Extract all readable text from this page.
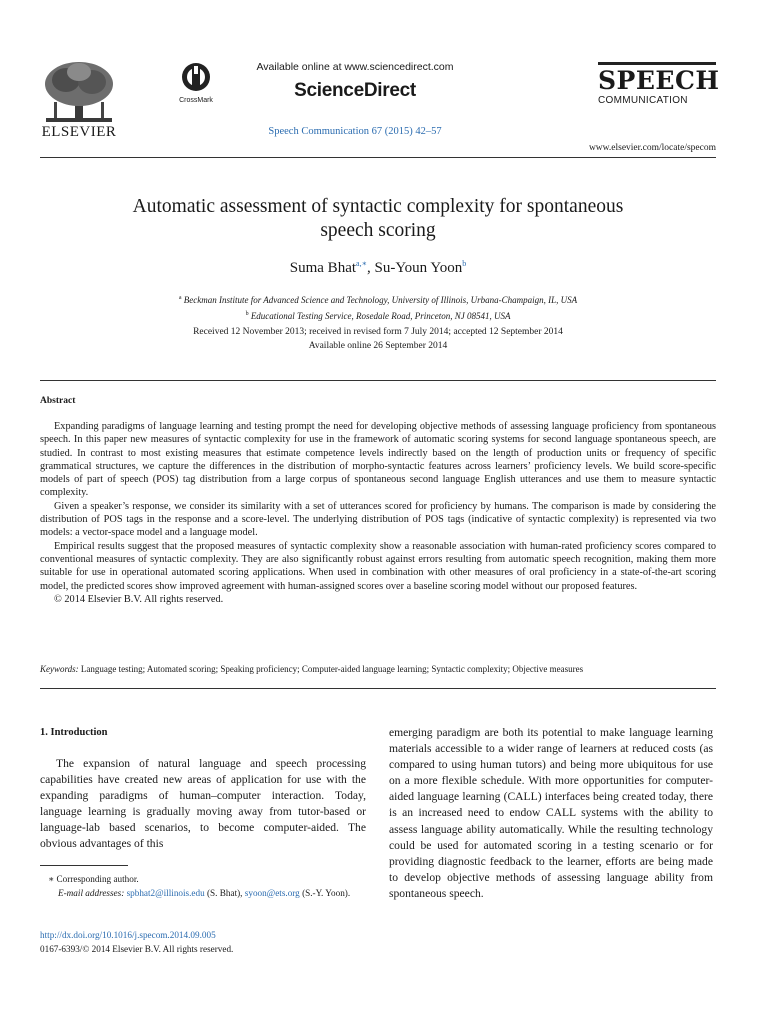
ELSEVIER
CrossMark
Available online at www.sciencedirect.com
ScienceDirect
Speech Communication 67 (2015) 42–57
SPEECH
COMMUNICATION
www.elsevier.com/locate/specom
Automatic assessment of syntactic complexity for spontaneous
speech scoring
Suma Bhat$^{a,∗}$, Su-Youn Yoon$^b$
$^a$ Beckman Institute for Advanced Science and Technology, University of Illinois, Urbana-Champaign, IL, USA
$^b$ Educational Testing Service, Rosedale Road, Princeton, NJ 08541, USA
Received 12 November 2013; received in revised form 7 July 2014; accepted 12 September 2014
Available online 26 September 2014
Abstract

Expanding paradigms of language learning and testing prompt the need for developing objective methods of assessing language proficiency from spontaneous speech. In this paper new measures of syntactic complexity for use in the framework of automatic scoring systems for second language spontaneous speech, are studied. In contrast to most existing measures that estimate competence levels indirectly based on the length of production units or frequency of specific grammatical structures, we capture the differences in the distribution of morpho-syntactic features across learners’ proficiency levels. We build score-specific models of part of speech (POS) tag distribution from a large corpus of spontaneous second language English utterances and use them to measure syntactic complexity.

Given a speaker’s response, we consider its similarity with a set of utterances scored for proficiency by humans. The comparison is made by considering the distribution of POS tags in the response and a score-level. The underlying distribution of POS tags (indicative of syntactic complexity) is represented via two models: a vector-space model and a language model.

Empirical results suggest that the proposed measures of syntactic complexity show a reasonable association with human-rated proficiency scores compared to conventional measures of syntactic complexity. They are also significantly robust against errors resulting from automatic speech recognition, making them more suitable for use in operational automated scoring applications. When used in combination with other measures of oral proficiency in a state-of-the-art scoring model, the predicted scores show improved agreement with human-assigned scores over a baseline scoring model without our proposed features.

© 2014 Elsevier B.V. All rights reserved.

Keywords: Language testing; Automated scoring; Speaking proficiency; Computer-aided language learning; Syntactic complexity; Objective measures
1. Introduction

The expansion of natural language and speech processing capabilities have created new areas of application for use with the expanding paradigms of human–computer interaction. Today, language learning is gradually moving away from tutor-based or language-lab based scenarios, to become computer-aided. The obvious advantages of this

emerging paradigm are both its potential to make language learning materials accessible to a wider range of learners at reduced costs (as compared to using human tutors) and being more ubiquitous for use on a more flexible schedule. With more opportunities for computer-aided language learning (CALL) interfaces being created today, there is an increased need to endow CALL systems with the ability to assess language ability automatically. While the resulting technology could be used for automated scoring in a testing scenario or for providing diagnostic feedback to the learner, efforts are being made to develop objective methods of assessing language ability from spontaneous speech.

∗ Corresponding author.
E-mail addresses: spbhat2@illinois.edu (S. Bhat), syoon@ets.org (S.-Y. Yoon).
http://dx.doi.org/10.1016/j.specom.2014.09.005
0167-6393/© 2014 Elsevier B.V. All rights reserved.
